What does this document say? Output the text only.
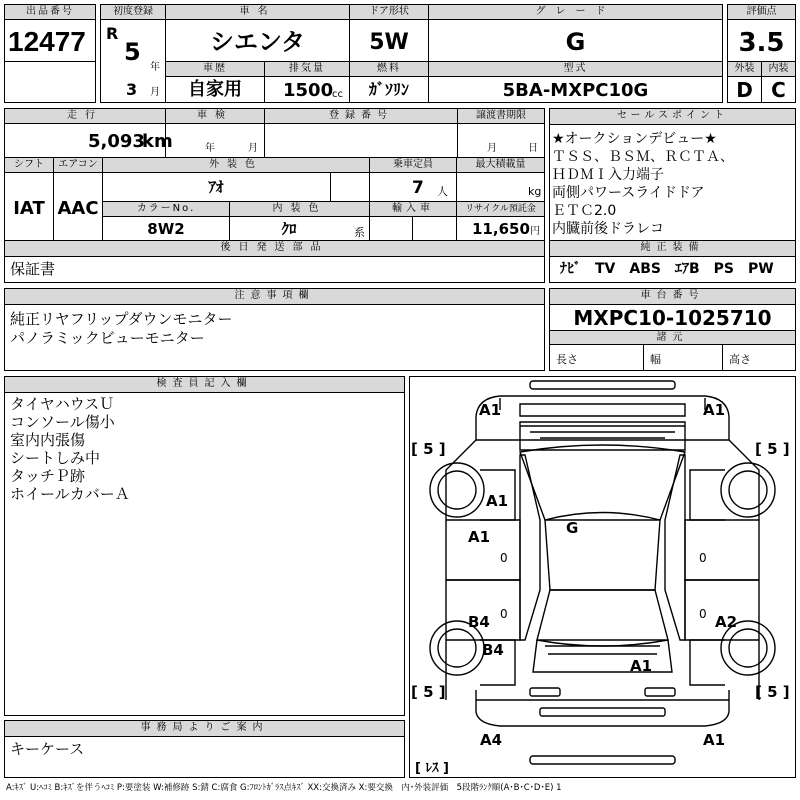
出品番号
12477
初度登録
R
5
年
3 月
車名
シエンタ
ドア形状
5W
グレード
G
評価点
3.5
車歴
自家用
排気量
1500
cc
燃料
ｶﾞｿﾘﾝ
型式
5BA-MXPC10G
外装
D
内装
C
走行
5,093
km
車検
年	月
登録番号	譲渡書期限
月	日
シフト
IAT
エアコン
AAC
外装色
ｱｵ
乗車定員
7 人
最大積載量
kg
カラーNo.
8W2
内装色
ｸﾛ	系
輸入車	リサイクル預託金
11,650 円
後日発送部品
保証書
セールスポイント
★オークションデビュー★
ＴＳＳ、ＢＳＭ、ＲＣＴＡ、
ＨＤＭＩ入力端子
両側パワースライドドア
ＥＴＣ2.0
内臓前後ドラレコ
純正装備
ﾅﾋﾞ　TV　ABS　ｴｱB　PS　PW
注意事項欄
純正リヤフリップダウンモニター
パノラミックビューモニター
車台番号
MXPC10-1025710
諸元
長さ	幅	高さ
検査員記入欄
タイヤハウスＵ
コンソール傷小
室内内張傷
シートしみ中
タッチＰ跡
ホイールカバーＡ
事務局よりご案内
キーケース
A1	A1
A1
G
A1
B4	A2
B4
A1
A4	A1
[ 5 ]	[ 5 ]
[ 5 ]	[ 5 ]
[ ﾚｽ ]
0	0
0	0
A:ｷｽﾞ U:ﾍｺﾐ B:ｷｽﾞを伴うﾍｺﾐ P:要塗装 W:補修跡 S:錆 C:腐食 G:ﾌﾛﾝﾄｶﾞﾗｽ点ｷｽﾞ XX:交換済み X:要交換　内･外装評価　5段階ﾗﾝｸ順(A･B･C･D･E) 1
